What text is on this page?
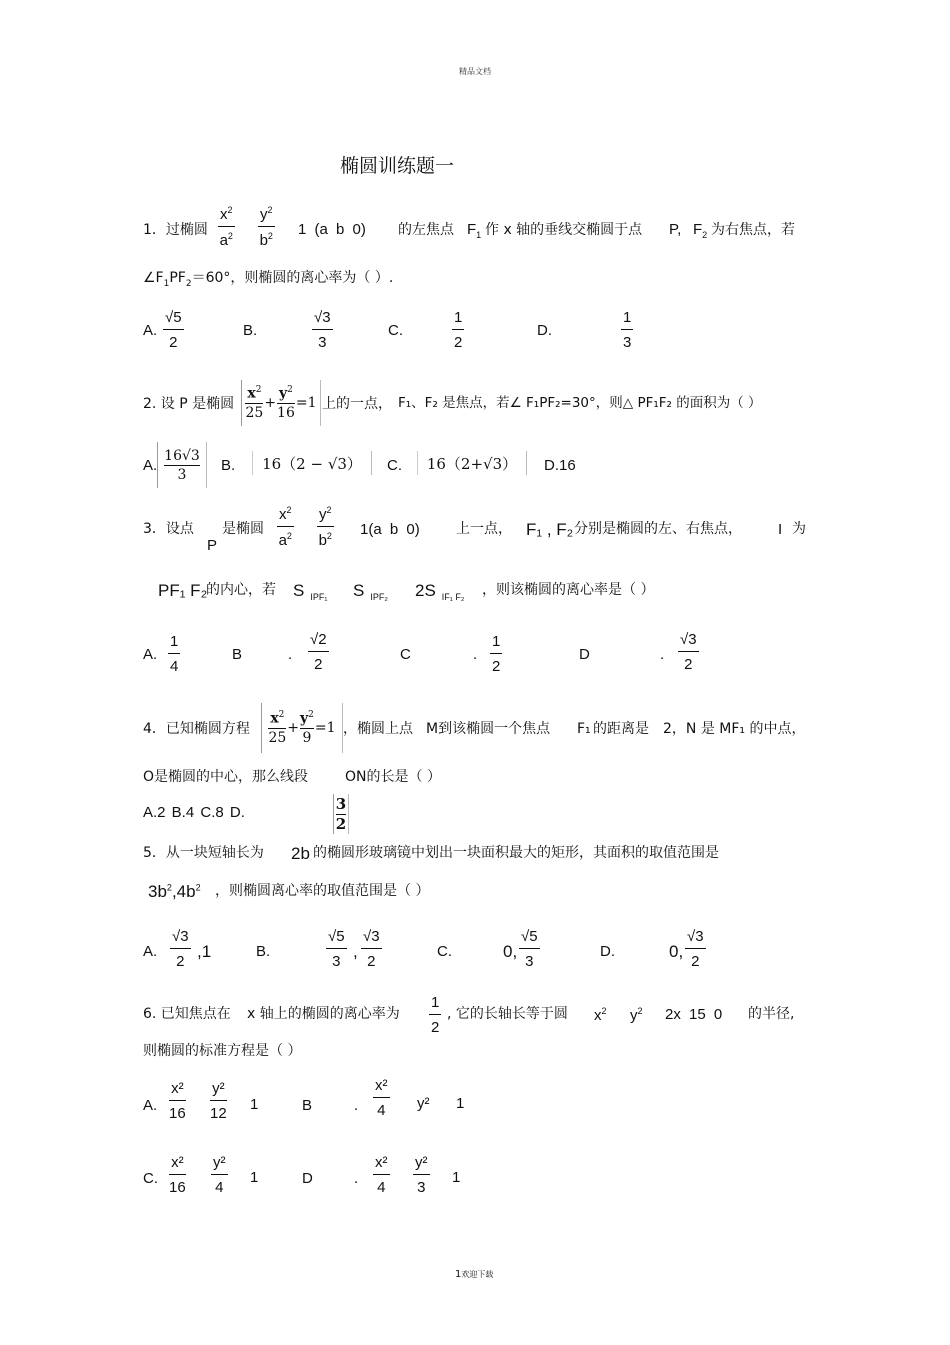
精品文档
椭圆训练题一
1．过椭圆
$x^2$
$a^2$
$y^2$
$b^2$ 1 (a b 0) 的左焦点 $F_1$ 作 x 轴的垂线交椭圆于点 P, $F_2$ 为右焦点，若
$\angle F_1PF_2=60^\circ$，则椭圆的离心率为（ ）.
A.
√5
2
B.
√3
3
C.
1
2
D.
1
3
2. 设 P 是椭圆
$x^2$
25
+
$y^2$
16
=1 上的一点， F₁、F₂ 是焦点，若∠ F₁PF₂=30°，则△ PF₁F₂ 的面积为（ ）
A.
16√3
3
B. 16（2 − √3） C. 16（2+√3） D.16
3．设点
P
是椭圆
$x^2$
$a^2$
$y^2$
$b^2$ 1(a b 0)	上一点， F₁ , F₂ 分别是椭圆的左、右焦点， I 为
PF₁ F₂
的内心，若 S $_{IPF_1}$ S $_{IPF_2}$ 2S $_{IF_1 F_2}$ ，则该椭圆的离心率是（ ）
A.
1
4
B	.
√2
2
C	.
1
2
D	.
√3
2
4．已知椭圆方程
$x^2$
25
+
$y^2$
9
=1 ，椭圆上点 M到该椭圆一个焦点 F₁ 的距离是 2，N 是 MF₁ 的中点，
O是椭圆的中心，那么线段	ON的长是（ ）
A.2 B.4 C.8 D.	3
2
5．从一块短轴长为 2b 的椭圆形玻璃镜中划出一块面积最大的矩形，其面积的取值范围是
$3b^2,4b^2$ ，则椭圆离心率的取值范围是（ ）
A.
√3
2
,1	B.
√5
3
,
√3
2
C.	0,
√5
3
D.	0,
√3
2
6. 已知焦点在 x 轴上的椭圆的离心率为
1
2
, 它的长轴长等于圆 $x^2$ $y^2$ 2x 15 0 的半径,
则椭圆的标准方程是（ ）
A.
x²
16
y²
12
1	B	.
x²
4 y² 1
C.
x²
16
y²
4
1	D	.
x²
4
y²
3
1
1欢迎下载
